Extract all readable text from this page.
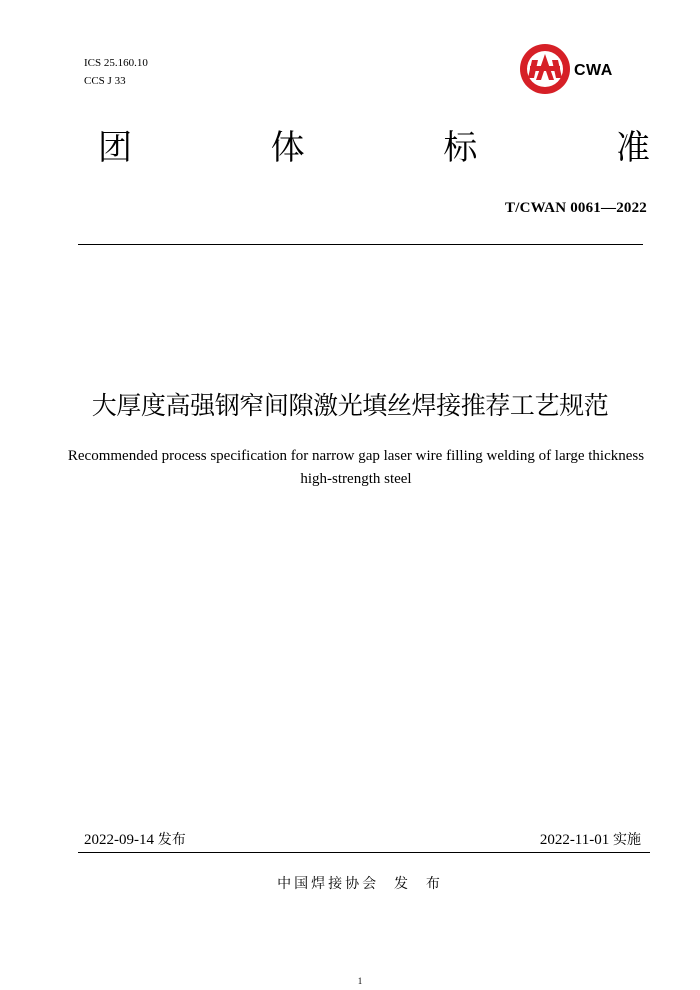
ICS 25.160.10
CCS J 33
CWA
团	体	标	准
T/CWAN 0061—2022
大厚度高强钢窄间隙激光填丝焊接推荐工艺规范
Recommended process specification for narrow gap laser wire filling welding of large thickness
high-strength steel
2022-09-14 发布	2022-11-01 实施
中国焊接协会  发  布
1
